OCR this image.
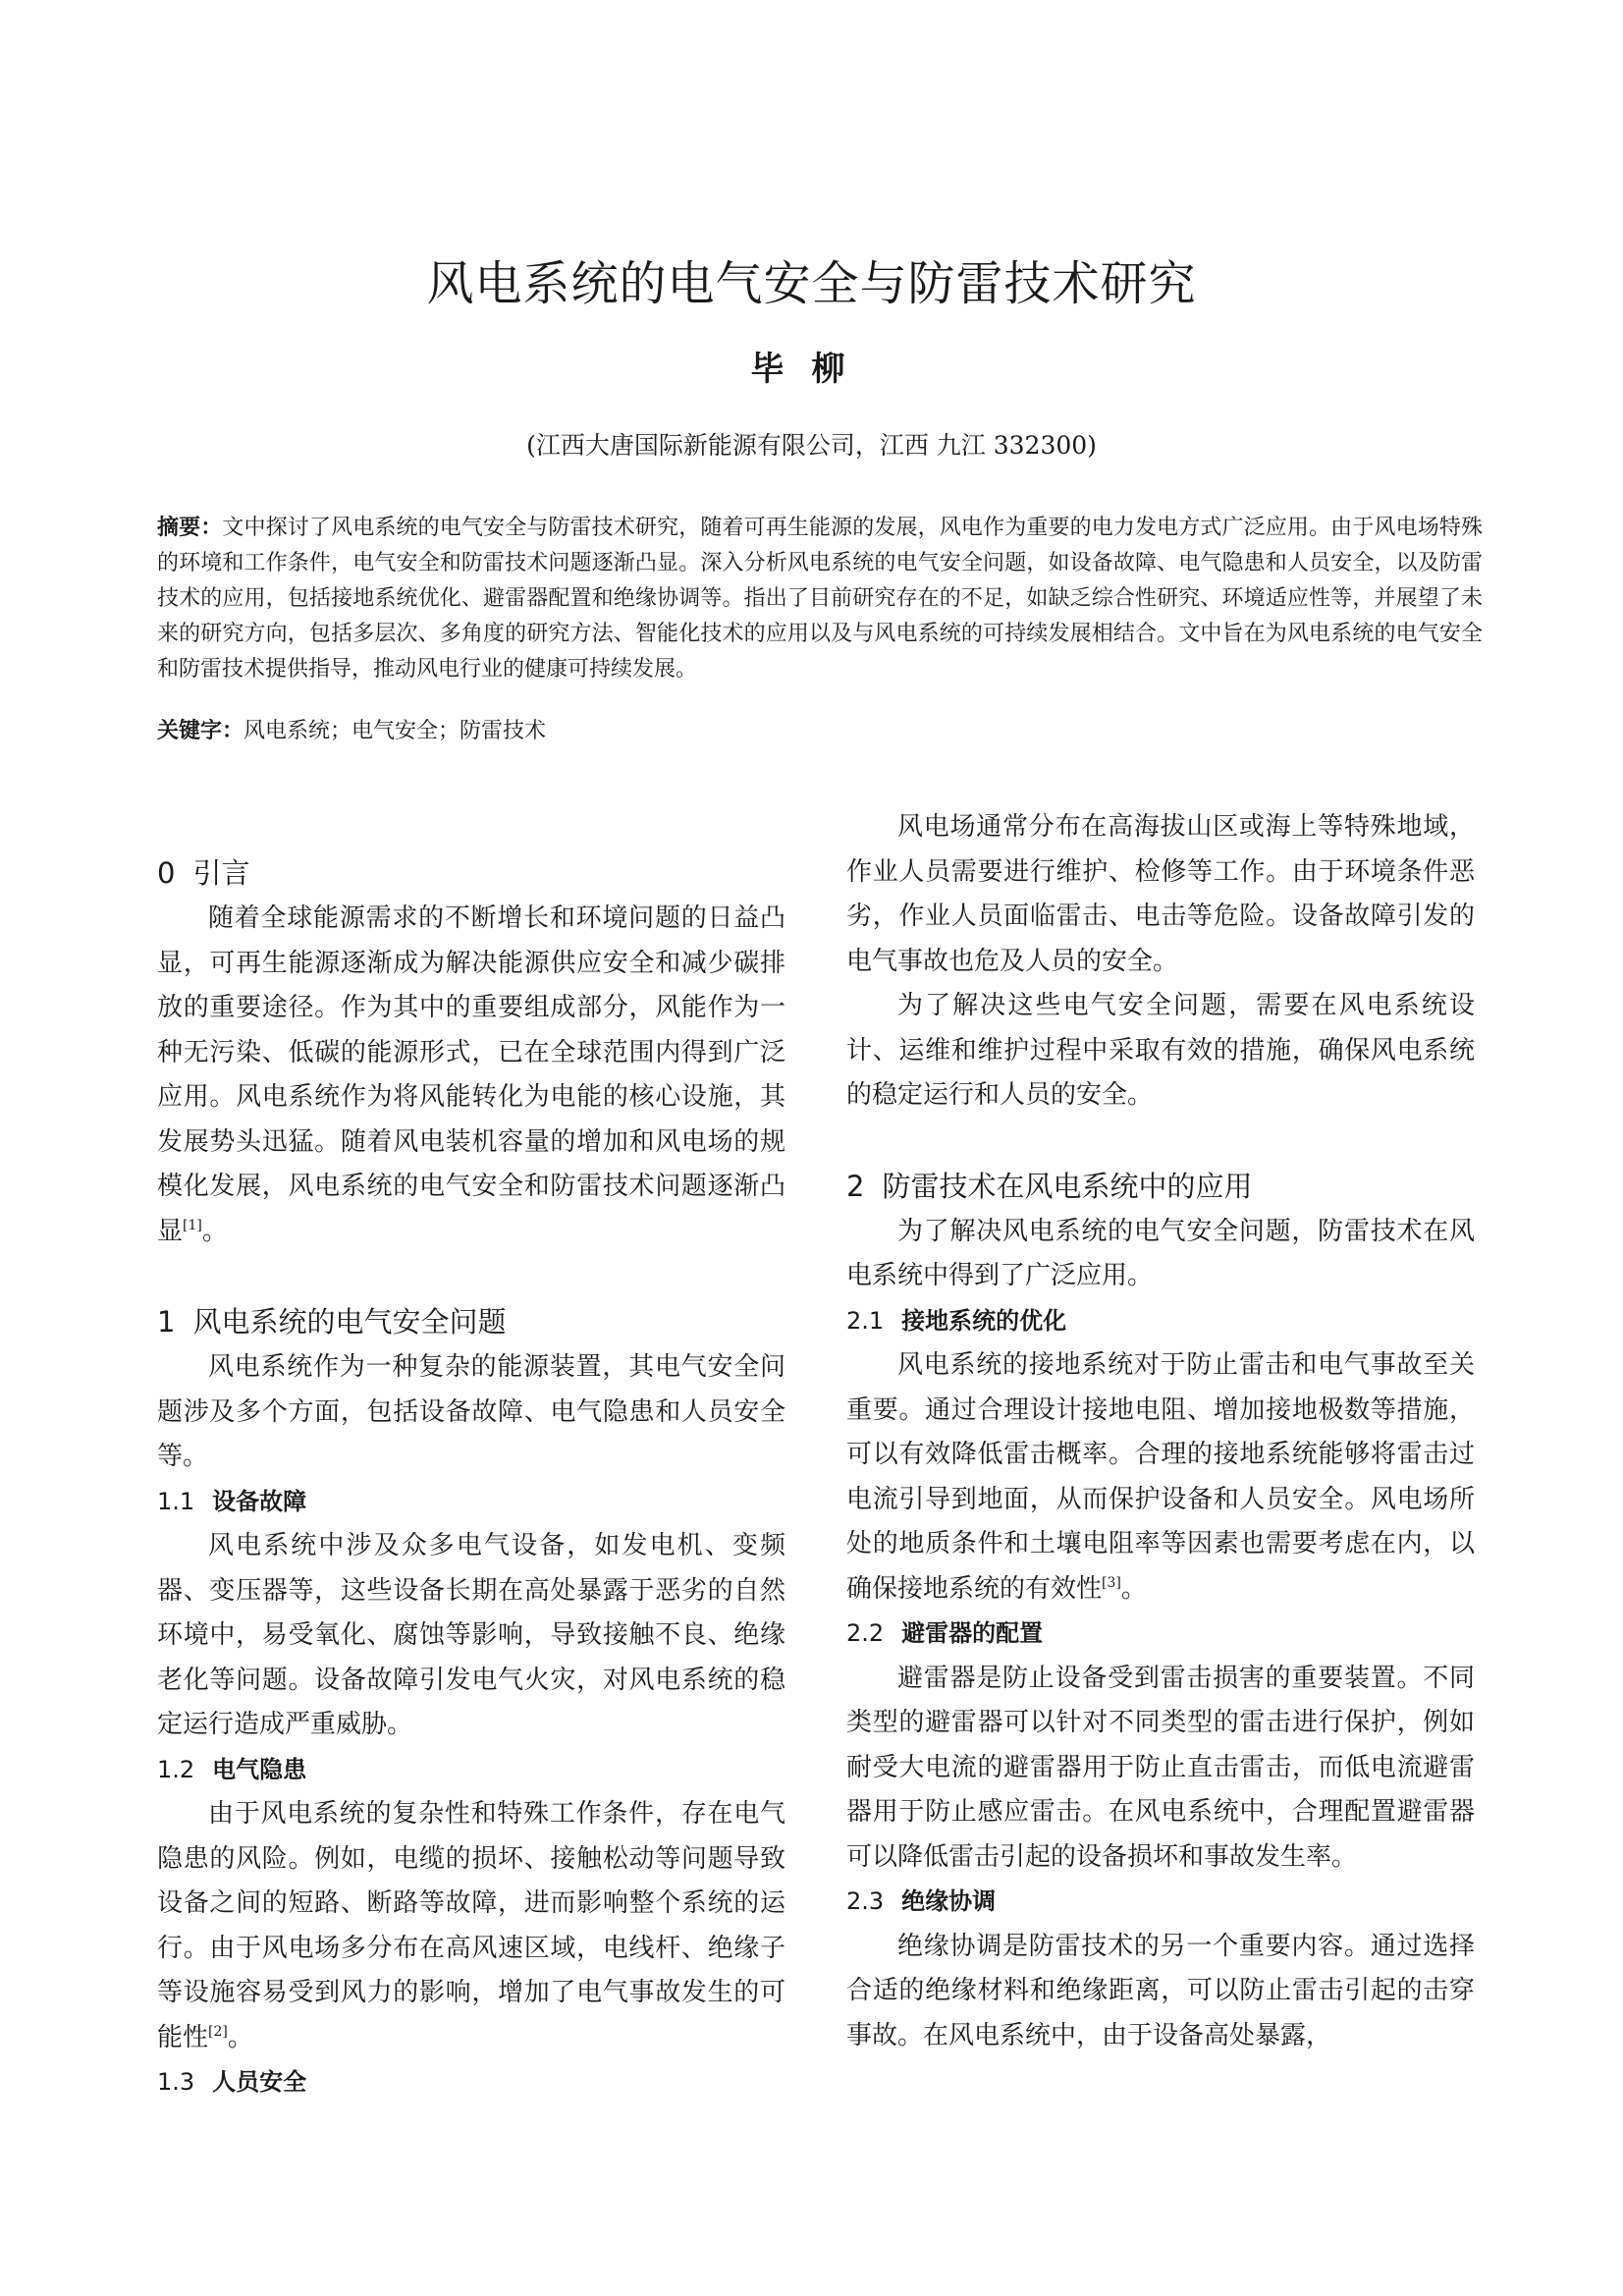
风电系统的电气安全与防雷技术研究
毕柳
(江西大唐国际新能源有限公司，江西 九江 332300)

摘要：文中探讨了风电系统的电气安全与防雷技术研究，随着可再生能源的发展，风电作为重要的电力发电方式广泛应用。由于风电场特殊的环境和工作条件，电气安全和防雷技术问题逐渐凸显。深入分析风电系统的电气安全问题，如设备故障、电气隐患和人员安全，以及防雷技术的应用，包括接地系统优化、避雷器配置和绝缘协调等。指出了目前研究存在的不足，如缺乏综合性研究、环境适应性等，并展望了未来的研究方向，包括多层次、多角度的研究方法、智能化技术的应用以及与风电系统的可持续发展相结合。文中旨在为风电系统的电气安全和防雷技术提供指导，推动风电行业的健康可持续发展。

关键字：风电系统；电气安全；防雷技术

0 引言

随着全球能源需求的不断增长和环境问题的日益凸显，可再生能源逐渐成为解决能源供应安全和减少碳排放的重要途径。作为其中的重要组成部分，风能作为一种无污染、低碳的能源形式，已在全球范围内得到广泛应用。风电系统作为将风能转化为电能的核心设施，其发展势头迅猛。随着风电装机容量的增加和风电场的规模化发展，风电系统的电气安全和防雷技术问题逐渐凸显[1]。

1 风电系统的电气安全问题

风电系统作为一种复杂的能源装置，其电气安全问题涉及多个方面，包括设备故障、电气隐患和人员安全等。

1.1 设备故障

风电系统中涉及众多电气设备，如发电机、变频器、变压器等，这些设备长期在高处暴露于恶劣的自然环境中，易受氧化、腐蚀等影响，导致接触不良、绝缘老化等问题。设备故障引发电气火灾，对风电系统的稳定运行造成严重威胁。

1.2 电气隐患

由于风电系统的复杂性和特殊工作条件，存在电气隐患的风险。例如，电缆的损坏、接触松动等问题导致设备之间的短路、断路等故障，进而影响整个系统的运行。由于风电场多分布在高风速区域，电线杆、绝缘子等设施容易受到风力的影响，增加了电气事故发生的可能性[2]。

1.3 人员安全

风电场通常分布在高海拔山区或海上等特殊地域，作业人员需要进行维护、检修等工作。由于环境条件恶劣，作业人员面临雷击、电击等危险。设备故障引发的电气事故也危及人员的安全。

为了解决这些电气安全问题，需要在风电系统设计、运维和维护过程中采取有效的措施，确保风电系统的稳定运行和人员的安全。

2 防雷技术在风电系统中的应用

为了解决风电系统的电气安全问题，防雷技术在风电系统中得到了广泛应用。

2.1 接地系统的优化

风电系统的接地系统对于防止雷击和电气事故至关重要。通过合理设计接地电阻、增加接地极数等措施，可以有效降低雷击概率。合理的接地系统能够将雷击过电流引导到地面，从而保护设备和人员安全。风电场所处的地质条件和土壤电阻率等因素也需要考虑在内，以确保接地系统的有效性[3]。

2.2 避雷器的配置

避雷器是防止设备受到雷击损害的重要装置。不同类型的避雷器可以针对不同类型的雷击进行保护，例如耐受大电流的避雷器用于防止直击雷击，而低电流避雷器用于防止感应雷击。在风电系统中，合理配置避雷器可以降低雷击引起的设备损坏和事故发生率。

2.3 绝缘协调

绝缘协调是防雷技术的另一个重要内容。通过选择合适的绝缘材料和绝缘距离，可以防止雷击引起的击穿事故。在风电系统中，由于设备高处暴露，
